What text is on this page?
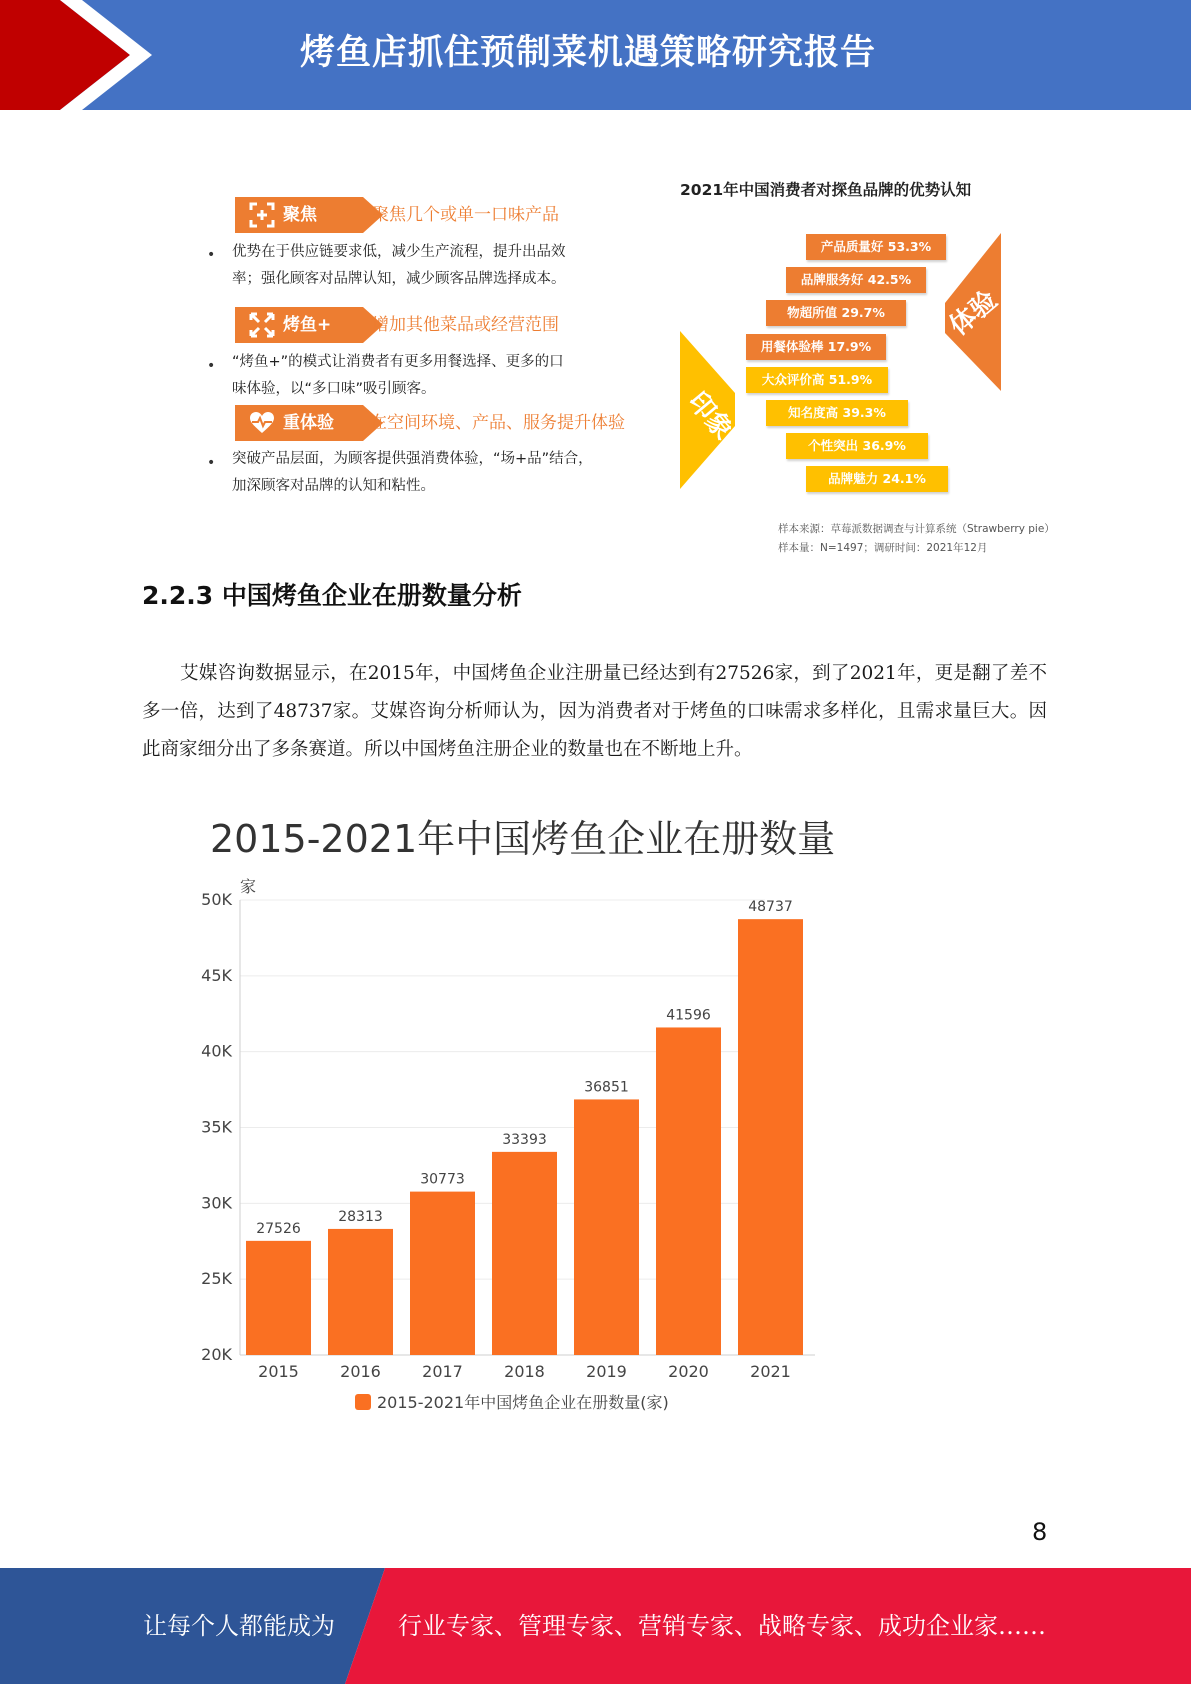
烤鱼店抓住预制菜机遇策略研究报告
聚焦	聚焦几个或单一口味产品
•	优势在于供应链要求低，减少生产流程，提升出品效
率；强化顾客对品牌认知，减少顾客品牌选择成本。
烤鱼+ 增加其他菜品或经营范围
•	“烤鱼+”的模式让消费者有更多用餐选择、更多的口
味体验，以“多口味”吸引顾客。
重体验 在空间环境、产品、服务提升体验
•	突破产品层面，为顾客提供强消费体验，“场+品”结合，
加深顾客对品牌的认知和粘性。
2021年中国消费者对探鱼品牌的优势认知
体验
印象
产品质量好 53.3%
品牌服务好 42.5%
物超所值 29.7%
用餐体验棒 17.9%
大众评价高 51.9%
知名度高 39.3%
个性突出 36.9%
品牌魅力 24.1%
样本来源：草莓派数据调查与计算系统（Strawberry pie）
样本量：N=1497；调研时间：2021年12月
2.2.3 中国烤鱼企业在册数量分析
艾媒咨询数据显示，在2015年，中国烤鱼企业注册量已经达到有27526家，到了2021年，更是翻了差不多一倍，达到了48737家。艾媒咨询分析师认为，因为消费者对于烤鱼的口味需求多样化，且需求量巨大。因此商家细分出了多条赛道。所以中国烤鱼注册企业的数量也在不断地上升。
2015-2021年中国烤鱼企业在册数量
家
20K
25K
30K
35K
40K
45K
50K
27526
2015
28313
2016
30773
2017
33393
2018
36851
2019
41596
2020
48737
2021
2015-2021年中国烤鱼企业在册数量(家)
8
让每个人都能成为	行业专家、管理专家、营销专家、战略专家、成功企业家……
